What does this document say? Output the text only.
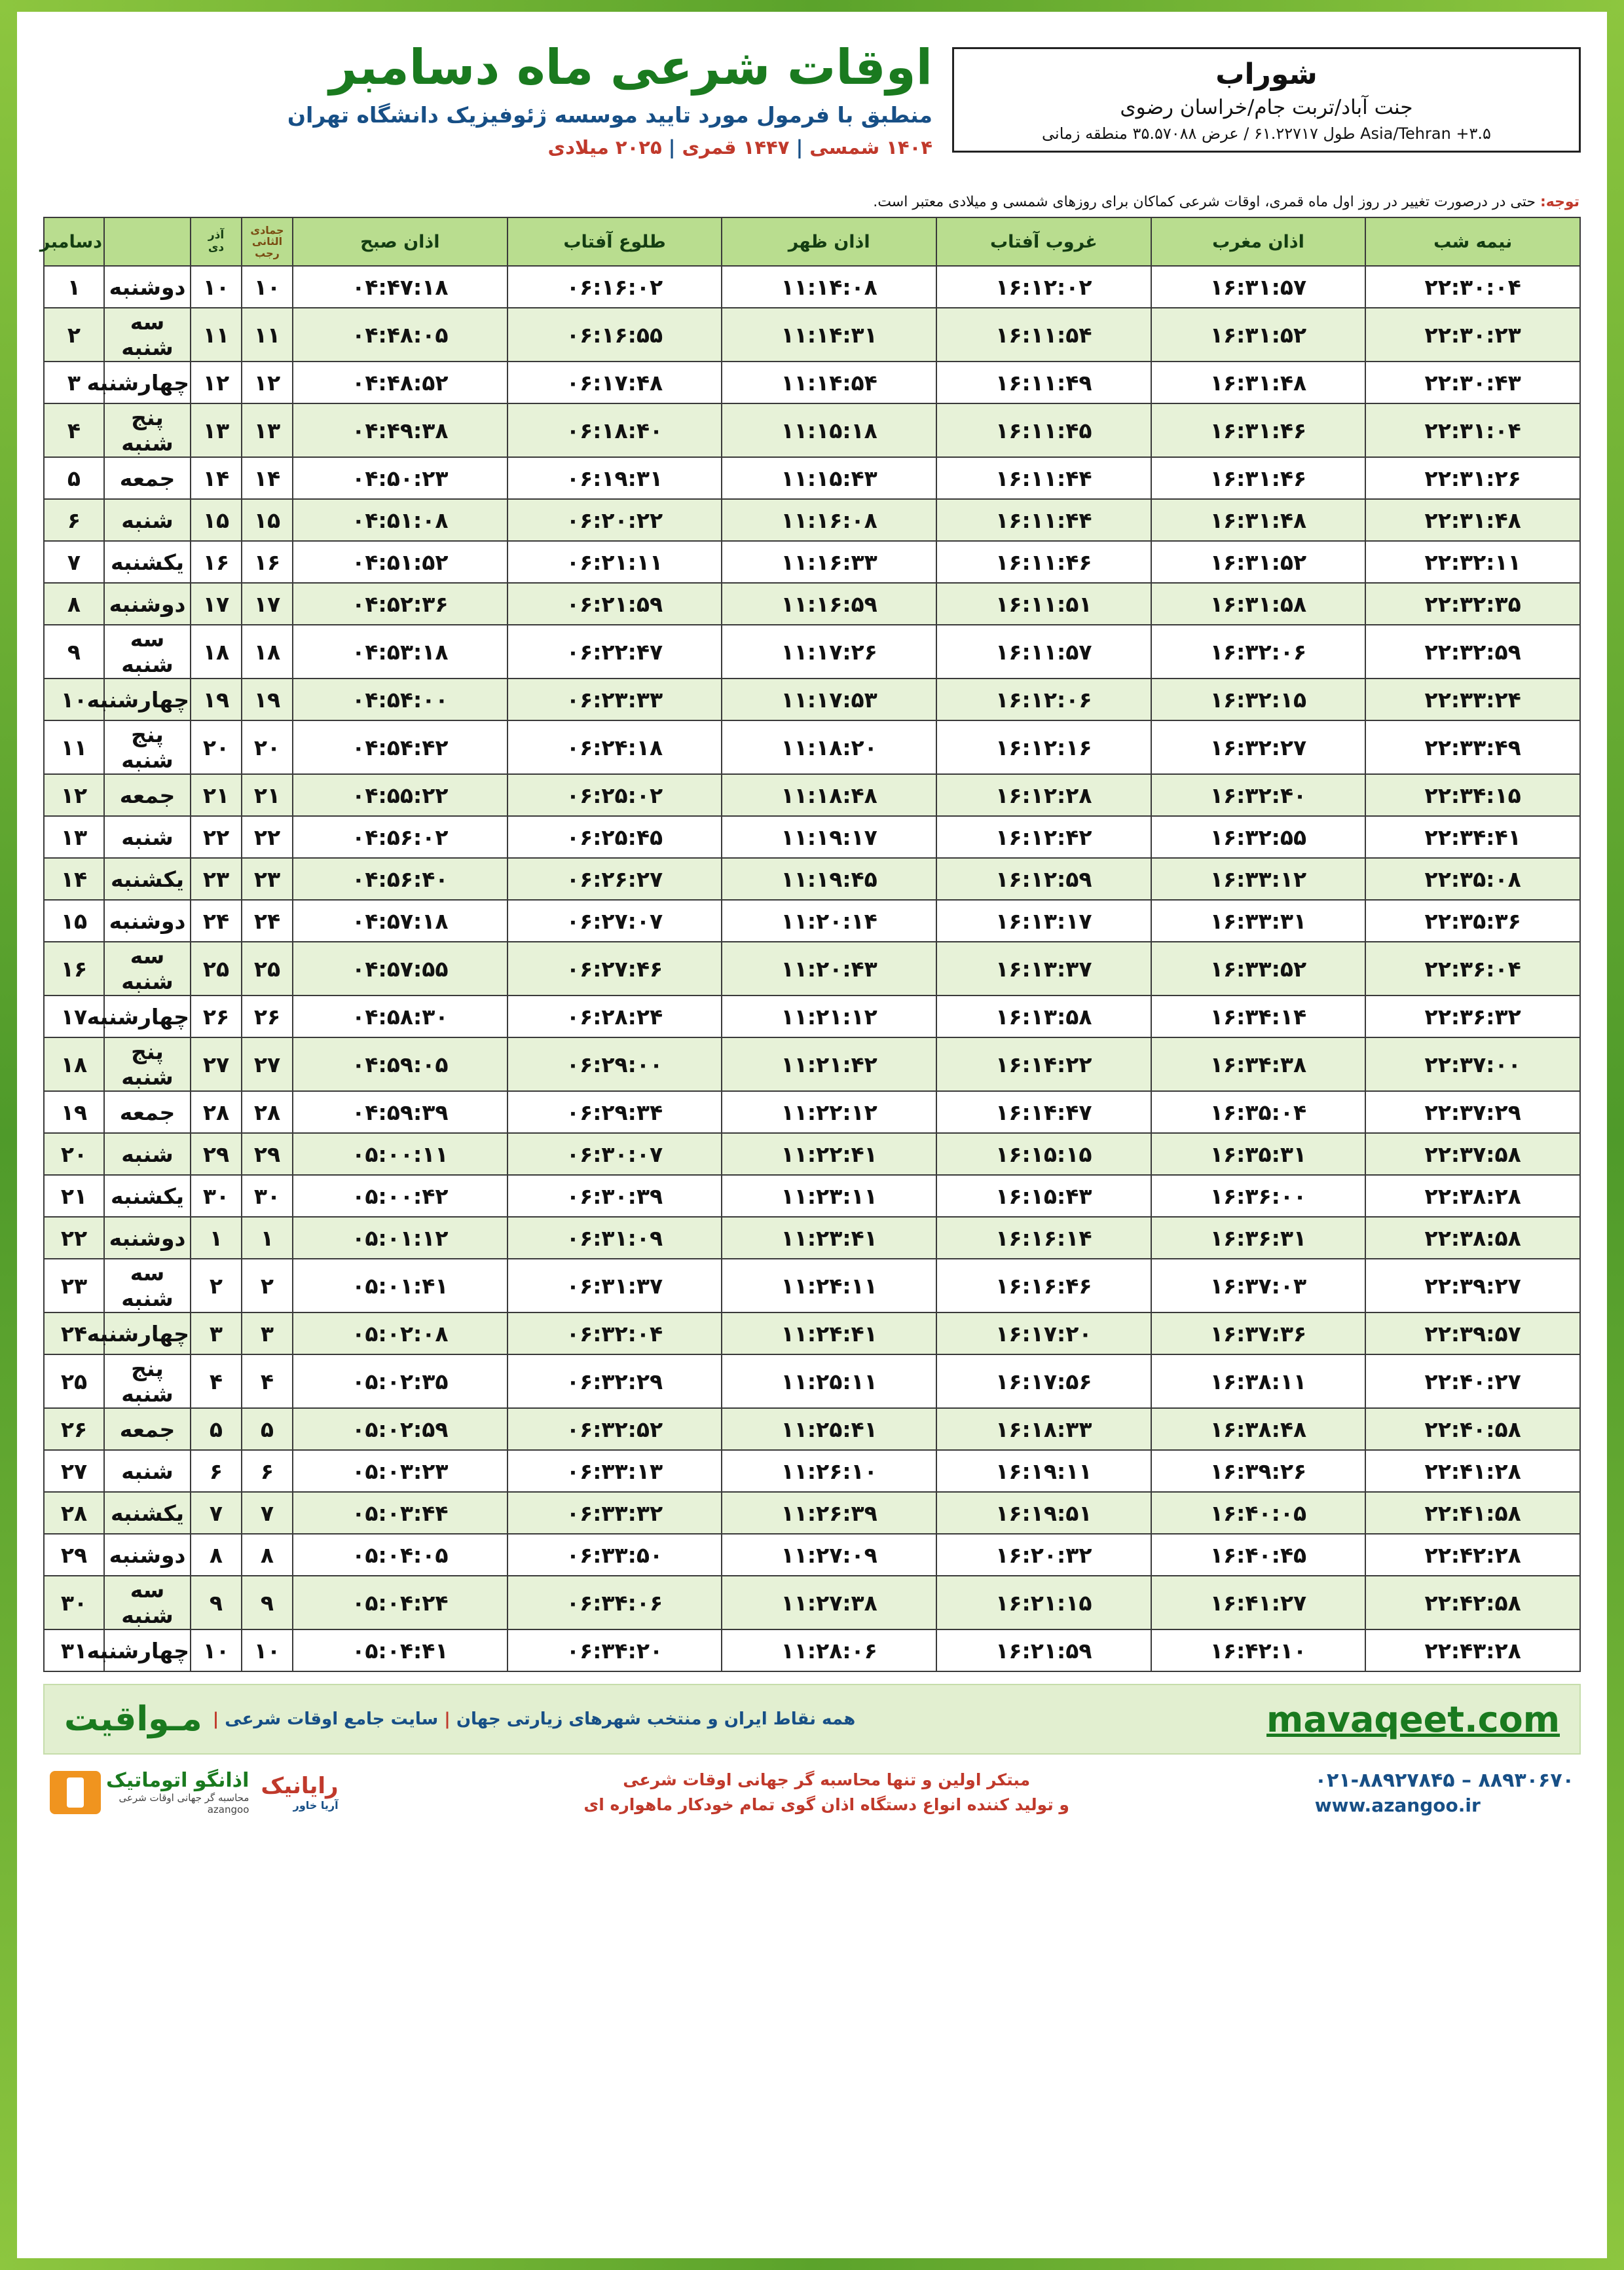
شوراب
جنت آباد/تربت جام/خراسان رضوی
طول ۶۱.۲۲۷۱۷ / عرض ۳۵.۵۷۰۸۸ منطقه زمانی Asia/Tehran +۳.۵
اوقات شرعی ماه دسامبر
منطبق با فرمول مورد تایید موسسه ژئوفیزیک دانشگاه تهران
۱۴۰۴ شمسی | ۱۴۴۷ قمری | ۲۰۲۵ میلادی
توجه: حتی در درصورت تغییر در روز اول ماه قمری، اوقات شرعی کماکان برای روزهای شمسی و میلادی معتبر است.
نیمه شب	اذان مغرب	غروب آفتاب	اذان ظهر	طلوع آفتاب	اذان صبح	جمادی الثانی
رجب	آذر
دی		دسامبر
۲۲:۳۰:۰۴	۱۶:۳۱:۵۷	۱۶:۱۲:۰۲	۱۱:۱۴:۰۸	۰۶:۱۶:۰۲	۰۴:۴۷:۱۸	۱۰	۱۰	دوشنبه	۱
۲۲:۳۰:۲۳	۱۶:۳۱:۵۲	۱۶:۱۱:۵۴	۱۱:۱۴:۳۱	۰۶:۱۶:۵۵	۰۴:۴۸:۰۵	۱۱	۱۱	سه شنبه	۲
۲۲:۳۰:۴۳	۱۶:۳۱:۴۸	۱۶:۱۱:۴۹	۱۱:۱۴:۵۴	۰۶:۱۷:۴۸	۰۴:۴۸:۵۲	۱۲	۱۲	چهارشنبه	۳
۲۲:۳۱:۰۴	۱۶:۳۱:۴۶	۱۶:۱۱:۴۵	۱۱:۱۵:۱۸	۰۶:۱۸:۴۰	۰۴:۴۹:۳۸	۱۳	۱۳	پنج شنبه	۴
۲۲:۳۱:۲۶	۱۶:۳۱:۴۶	۱۶:۱۱:۴۴	۱۱:۱۵:۴۳	۰۶:۱۹:۳۱	۰۴:۵۰:۲۳	۱۴	۱۴	جمعه	۵
۲۲:۳۱:۴۸	۱۶:۳۱:۴۸	۱۶:۱۱:۴۴	۱۱:۱۶:۰۸	۰۶:۲۰:۲۲	۰۴:۵۱:۰۸	۱۵	۱۵	شنبه	۶
۲۲:۳۲:۱۱	۱۶:۳۱:۵۲	۱۶:۱۱:۴۶	۱۱:۱۶:۳۳	۰۶:۲۱:۱۱	۰۴:۵۱:۵۲	۱۶	۱۶	یکشنبه	۷
۲۲:۳۲:۳۵	۱۶:۳۱:۵۸	۱۶:۱۱:۵۱	۱۱:۱۶:۵۹	۰۶:۲۱:۵۹	۰۴:۵۲:۳۶	۱۷	۱۷	دوشنبه	۸
۲۲:۳۲:۵۹	۱۶:۳۲:۰۶	۱۶:۱۱:۵۷	۱۱:۱۷:۲۶	۰۶:۲۲:۴۷	۰۴:۵۳:۱۸	۱۸	۱۸	سه شنبه	۹
۲۲:۳۳:۲۴	۱۶:۳۲:۱۵	۱۶:۱۲:۰۶	۱۱:۱۷:۵۳	۰۶:۲۳:۳۳	۰۴:۵۴:۰۰	۱۹	۱۹	چهارشنبه	۱۰
۲۲:۳۳:۴۹	۱۶:۳۲:۲۷	۱۶:۱۲:۱۶	۱۱:۱۸:۲۰	۰۶:۲۴:۱۸	۰۴:۵۴:۴۲	۲۰	۲۰	پنج شنبه	۱۱
۲۲:۳۴:۱۵	۱۶:۳۲:۴۰	۱۶:۱۲:۲۸	۱۱:۱۸:۴۸	۰۶:۲۵:۰۲	۰۴:۵۵:۲۲	۲۱	۲۱	جمعه	۱۲
۲۲:۳۴:۴۱	۱۶:۳۲:۵۵	۱۶:۱۲:۴۲	۱۱:۱۹:۱۷	۰۶:۲۵:۴۵	۰۴:۵۶:۰۲	۲۲	۲۲	شنبه	۱۳
۲۲:۳۵:۰۸	۱۶:۳۳:۱۲	۱۶:۱۲:۵۹	۱۱:۱۹:۴۵	۰۶:۲۶:۲۷	۰۴:۵۶:۴۰	۲۳	۲۳	یکشنبه	۱۴
۲۲:۳۵:۳۶	۱۶:۳۳:۳۱	۱۶:۱۳:۱۷	۱۱:۲۰:۱۴	۰۶:۲۷:۰۷	۰۴:۵۷:۱۸	۲۴	۲۴	دوشنبه	۱۵
۲۲:۳۶:۰۴	۱۶:۳۳:۵۲	۱۶:۱۳:۳۷	۱۱:۲۰:۴۳	۰۶:۲۷:۴۶	۰۴:۵۷:۵۵	۲۵	۲۵	سه شنبه	۱۶
۲۲:۳۶:۳۲	۱۶:۳۴:۱۴	۱۶:۱۳:۵۸	۱۱:۲۱:۱۲	۰۶:۲۸:۲۴	۰۴:۵۸:۳۰	۲۶	۲۶	چهارشنبه	۱۷
۲۲:۳۷:۰۰	۱۶:۳۴:۳۸	۱۶:۱۴:۲۲	۱۱:۲۱:۴۲	۰۶:۲۹:۰۰	۰۴:۵۹:۰۵	۲۷	۲۷	پنج شنبه	۱۸
۲۲:۳۷:۲۹	۱۶:۳۵:۰۴	۱۶:۱۴:۴۷	۱۱:۲۲:۱۲	۰۶:۲۹:۳۴	۰۴:۵۹:۳۹	۲۸	۲۸	جمعه	۱۹
۲۲:۳۷:۵۸	۱۶:۳۵:۳۱	۱۶:۱۵:۱۵	۱۱:۲۲:۴۱	۰۶:۳۰:۰۷	۰۵:۰۰:۱۱	۲۹	۲۹	شنبه	۲۰
۲۲:۳۸:۲۸	۱۶:۳۶:۰۰	۱۶:۱۵:۴۳	۱۱:۲۳:۱۱	۰۶:۳۰:۳۹	۰۵:۰۰:۴۲	۳۰	۳۰	یکشنبه	۲۱
۲۲:۳۸:۵۸	۱۶:۳۶:۳۱	۱۶:۱۶:۱۴	۱۱:۲۳:۴۱	۰۶:۳۱:۰۹	۰۵:۰۱:۱۲	۱	۱	دوشنبه	۲۲
۲۲:۳۹:۲۷	۱۶:۳۷:۰۳	۱۶:۱۶:۴۶	۱۱:۲۴:۱۱	۰۶:۳۱:۳۷	۰۵:۰۱:۴۱	۲	۲	سه شنبه	۲۳
۲۲:۳۹:۵۷	۱۶:۳۷:۳۶	۱۶:۱۷:۲۰	۱۱:۲۴:۴۱	۰۶:۳۲:۰۴	۰۵:۰۲:۰۸	۳	۳	چهارشنبه	۲۴
۲۲:۴۰:۲۷	۱۶:۳۸:۱۱	۱۶:۱۷:۵۶	۱۱:۲۵:۱۱	۰۶:۳۲:۲۹	۰۵:۰۲:۳۵	۴	۴	پنج شنبه	۲۵
۲۲:۴۰:۵۸	۱۶:۳۸:۴۸	۱۶:۱۸:۳۳	۱۱:۲۵:۴۱	۰۶:۳۲:۵۲	۰۵:۰۲:۵۹	۵	۵	جمعه	۲۶
۲۲:۴۱:۲۸	۱۶:۳۹:۲۶	۱۶:۱۹:۱۱	۱۱:۲۶:۱۰	۰۶:۳۳:۱۳	۰۵:۰۳:۲۳	۶	۶	شنبه	۲۷
۲۲:۴۱:۵۸	۱۶:۴۰:۰۵	۱۶:۱۹:۵۱	۱۱:۲۶:۳۹	۰۶:۳۳:۳۲	۰۵:۰۳:۴۴	۷	۷	یکشنبه	۲۸
۲۲:۴۲:۲۸	۱۶:۴۰:۴۵	۱۶:۲۰:۳۲	۱۱:۲۷:۰۹	۰۶:۳۳:۵۰	۰۵:۰۴:۰۵	۸	۸	دوشنبه	۲۹
۲۲:۴۲:۵۸	۱۶:۴۱:۲۷	۱۶:۲۱:۱۵	۱۱:۲۷:۳۸	۰۶:۳۴:۰۶	۰۵:۰۴:۲۴	۹	۹	سه شنبه	۳۰
۲۲:۴۳:۲۸	۱۶:۴۲:۱۰	۱۶:۲۱:۵۹	۱۱:۲۸:۰۶	۰۶:۳۴:۲۰	۰۵:۰۴:۴۱	۱۰	۱۰	چهارشنبه	۳۱
mavaqeet.com
همه نقاط ایران و منتخب شهرهای زیارتی جهان | سایت جامع اوقات شرعی |
مـواقیت
۰۲۱-۸۸۹۲۷۸۴۵ – ۸۸۹۳۰۶۷۰
www.azangoo.ir
مبتکر اولین و تنها محاسبه گر جهانی اوقات شرعی
و تولید کننده انواع دستگاه اذان گوی تمام خودکار ماهواره ای
رایانیک
آریا خاور
اذانگو اتوماتیک
محاسبه گر جهانی اوقات شرعی
azangoo
